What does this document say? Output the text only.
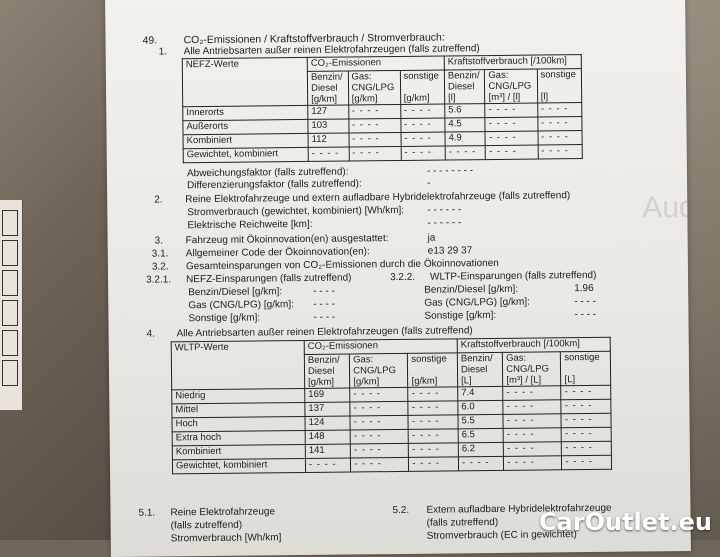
Audi
49.	CO₂-Emissionen / Kraftstoffverbrauch / Stromverbrauch:
1. Alle Antriebsarten außer reinen Elektrofahrzeugen (falls zutreffend)
NEFZ-Werte	CO₂-Emissionen			Kraftstoffverbrauch [/100km]		
	Benzin/
Diesel
[g/km]	Gas:
CNG/LPG
[g/km]	sonstige

[g/km]	Benzin/
Diesel
[l]	Gas:
CNG/LPG
[m³] / [l]	sonstige

[l]
Innerorts	127	- - - -	- - - -	5.6	- - - -	- - - -
Außerorts	103	- - - -	- - - -	4.5	- - - -	- - - -
Kombiniert	112	- - - -	- - - -	4.9	- - - -	- - - -
Gewichtet, kombiniert	- - - -	- - - -	- - - -	- - - -	- - - -	- - - -
Abweichungsfaktor (falls zutreffend):	- - - - - - - -
Differenzierungsfaktor (falls zutreffend):	-
2. Reine Elektrofahrzeuge und extern aufladbare Hybridelektrofahrzeuge (falls zutreffend)
Stromverbrauch (gewichtet, kombiniert) [Wh/km]: - - - - - -
Elektrische Reichweite [km]:	- - - - - -
3. Fahrzeug mit Ökoinnovation(en) ausgestattet:	ja
3.1. Allgemeiner Code der Ökoinnovation(en):	e13 29 37
3.2. Gesamteinsparungen von CO₂-Emissionen durch die Ökoinnovationen
3.2.1. NEFZ-Einsparungen (falls zutreffend)	3.2.2. WLTP-Einsparungen (falls zutreffend)
Benzin/Diesel [g/km]:	- - - -
Gas (CNG/LPG) [g/km]: - - - -
Sonstige [g/km]:	- - - -
Benzin/Diesel [g/km]:	1.96
Gas (CNG/LPG) [g/km]:	- - - -
Sonstige [g/km]:	- - - -
4. Alle Antriebsarten außer reinen Elektrofahrzeugen (falls zutreffend)
WLTP-Werte	CO₂-Emissionen			Kraftstoffverbrauch [/100km]		
	Benzin/
Diesel
[g/km]	Gas:
CNG/LPG
[g/km]	sonstige

[g/km]	Benzin/
Diesel
[L]	Gas:
CNG/LPG
[m³] / [L]	sonstige

[L]
Niedrig	169	- - - -	- - - -	7.4	- - - -	- - - -
Mittel	137	- - - -	- - - -	6.0	- - - -	- - - -
Hoch	124	- - - -	- - - -	5.5	- - - -	- - - -
Extra hoch	148	- - - -	- - - -	6.5	- - - -	- - - -
Kombiniert	141	- - - -	- - - -	6.2	- - - -	- - - -
Gewichtet, kombiniert	- - - -	- - - -	- - - -	- - - -	- - - -	- - - -
5.1. Reine Elektrofahrzeuge
(falls zutreffend)
Stromverbrauch [Wh/km]
5.2. Extern aufladbare Hybridelektrofahrzeuge
(falls zutreffend)
Stromverbrauch (EC in gewichtet)
CarOutlet.eu
